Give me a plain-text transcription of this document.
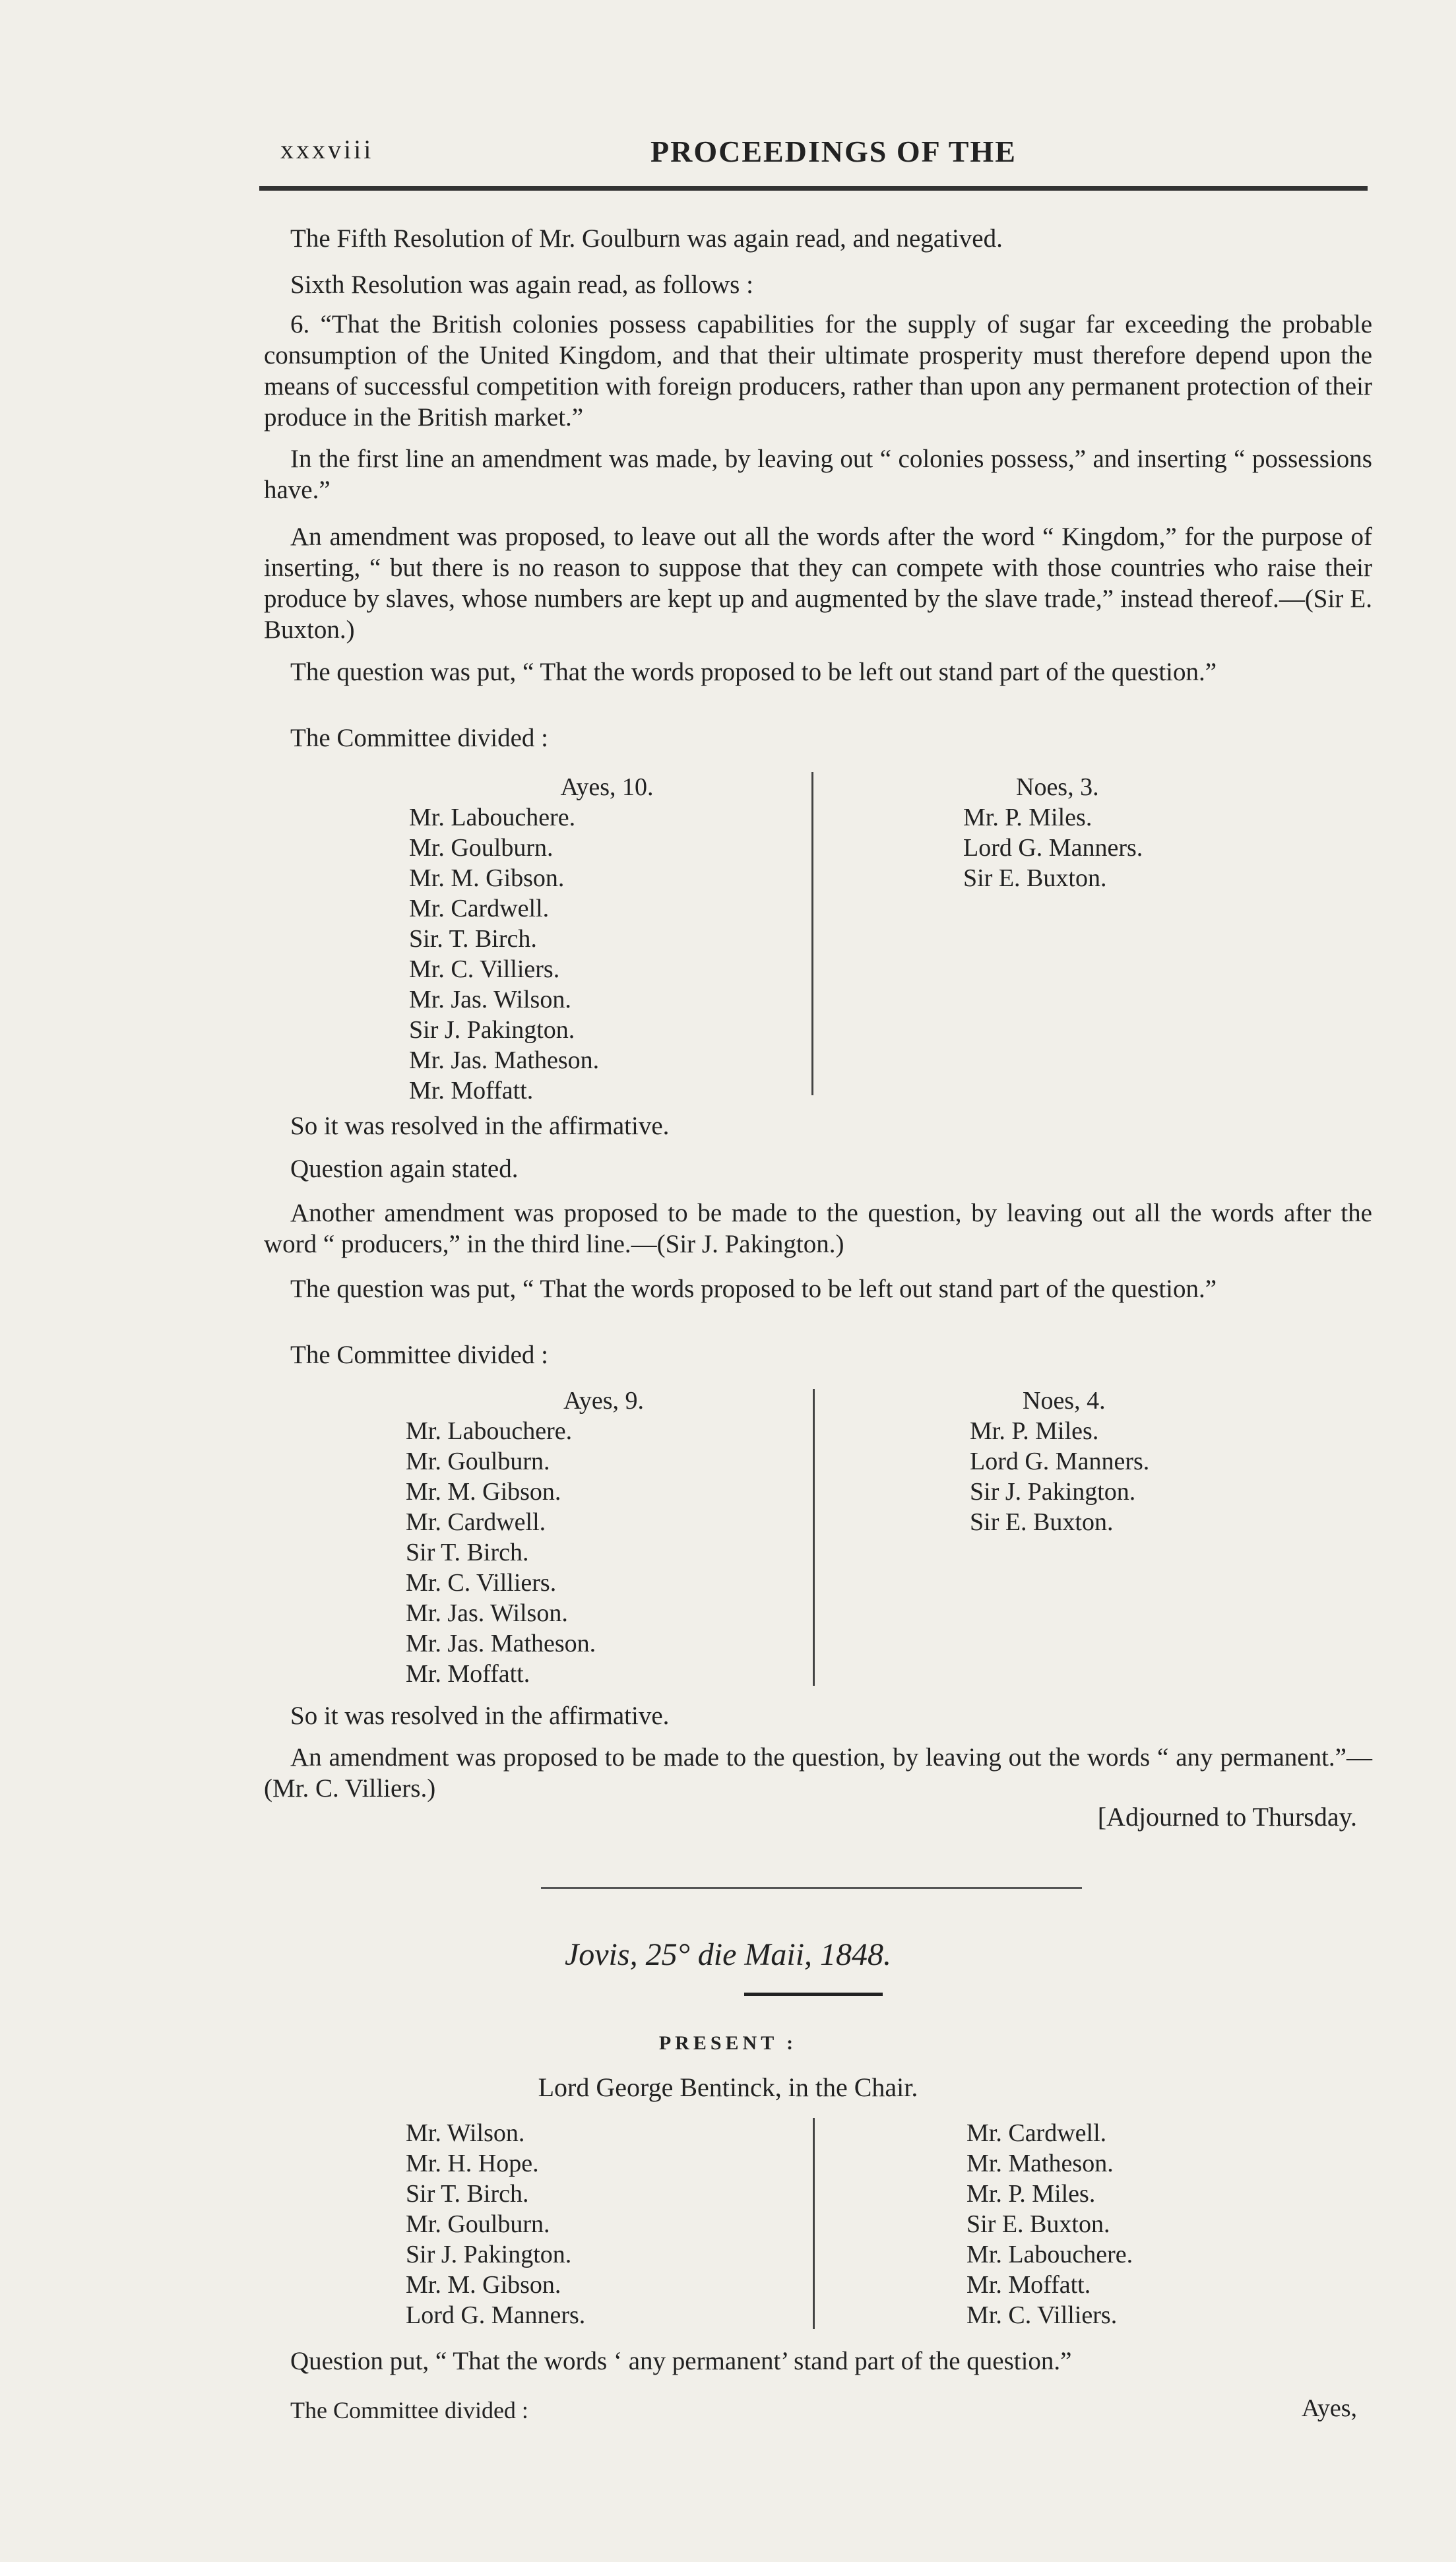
xxxviii	PROCEEDINGS OF THE
The Fifth Resolution of Mr. Goulburn was again read, and negatived.
Sixth Resolution was again read, as follows :
6. “That the British colonies possess capabilities for the supply of sugar far exceeding the probable consumption of the United Kingdom, and that their ultimate prosperity must therefore depend upon the means of successful competition with foreign producers, rather than upon any permanent protection of their produce in the British market.”
In the first line an amendment was made, by leaving out “ colonies possess,” and inserting “ possessions have.”
An amendment was proposed, to leave out all the words after the word “ Kingdom,” for the purpose of inserting, “ but there is no reason to suppose that they can compete with those countries who raise their produce by slaves, whose numbers are kept up and augmented by the slave trade,” instead thereof.—(Sir E. Buxton.)
The question was put, “ That the words proposed to be left out stand part of the question.”
The Committee divided :
Ayes, 10.
Mr. Labouchere.
Mr. Goulburn.
Mr. M. Gibson.
Mr. Cardwell.
Sir. T. Birch.
Mr. C. Villiers.
Mr. Jas. Wilson.
Sir J. Pakington.
Mr. Jas. Matheson.
Mr. Moffatt.
Noes, 3.
Mr. P. Miles.
Lord G. Manners.
Sir E. Buxton.
So it was resolved in the affirmative.
Question again stated.
Another amendment was proposed to be made to the question, by leaving out all the words after the word “ producers,” in the third line.—(Sir J. Pakington.)
The question was put, “ That the words proposed to be left out stand part of the question.”
The Committee divided :
Ayes, 9.
Mr. Labouchere.
Mr. Goulburn.
Mr. M. Gibson.
Mr. Cardwell.
Sir T. Birch.
Mr. C. Villiers.
Mr. Jas. Wilson.
Mr. Jas. Matheson.
Mr. Moffatt.
Noes, 4.
Mr. P. Miles.
Lord G. Manners.
Sir J. Pakington.
Sir E. Buxton.
So it was resolved in the affirmative.
An amendment was proposed to be made to the question, by leaving out the words “ any permanent.”—(Mr. C. Villiers.)
[Adjourned to Thursday.
Jovis, 25° die Maii, 1848.
PRESENT :
Lord George Bentinck, in the Chair.
Mr. Wilson.
Mr. H. Hope.
Sir T. Birch.
Mr. Goulburn.
Sir J. Pakington.
Mr. M. Gibson.
Lord G. Manners.
Mr. Cardwell.
Mr. Matheson.
Mr. P. Miles.
Sir E. Buxton.
Mr. Labouchere.
Mr. Moffatt.
Mr. C. Villiers.
Question put, “ That the words ‘ any permanent’ stand part of the question.”
The Committee divided :	Ayes,
